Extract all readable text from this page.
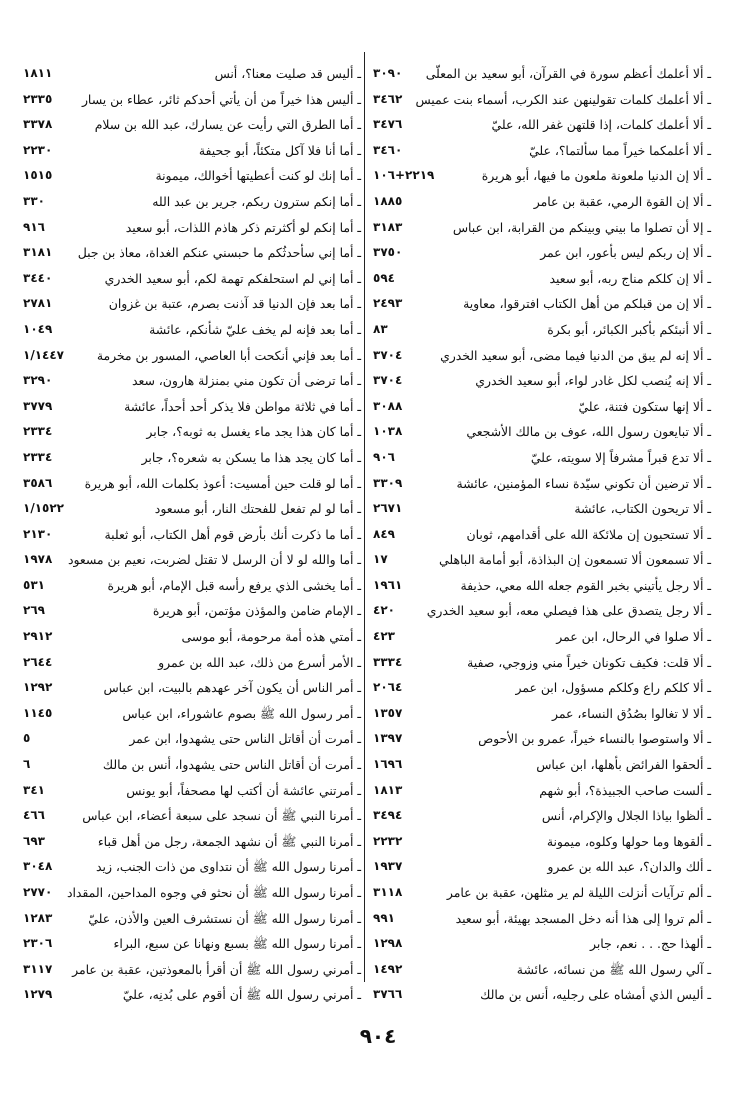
ـ ألا أعلمك أعظم سورة في القرآن، أبو سعيد بن المعلّى
٣٠٩٠
ـ ألا أعلمك كلمات تقولينهن عند الكرب، أسماء بنت عميس
٣٤٦٢
ـ ألا أعلمك كلمات، إذا قلتهن غفر الله، عليّ
٣٤٧٦
ـ ألا أعلمكما خيراً مما سألتما؟، عليّ
٣٤٦٠
ـ ألا إن الدنيا ملعونة ملعون ما فيها، أبو هريرة
٢٢١٩+١٠٦
ـ ألا إن القوة الرمي، عقبة بن عامر
١٨٨٥
ـ إلا أن تصلوا ما بيني وبينكم من القرابة، ابن عباس
٣١٨٣
ـ ألا إن ربكم ليس بأعور، ابن عمر
٣٧٥٠
ـ ألا إن كلكم مناج ربه، أبو سعيد
٥٩٤
ـ ألا إن من قبلكم من أهل الكتاب افترقوا، معاوية
٢٤٩٣
ـ ألا أنبئكم بأكبر الكبائر، أبو بكرة
٨٣
ـ ألا إنه لم يبق من الدنيا فيما مضى، أبو سعيد الخدري
٣٧٠٤
ـ ألا إنه يُنصب لكل غادر لواء، أبو سعيد الخدري
٣٧٠٤
ـ ألا إنها ستكون فتنة، عليّ
٣٠٨٨
ـ ألا تبايعون رسول الله، عوف بن مالك الأشجعي
١٠٣٨
ـ ألا تدع قبراً مشرفاً إلا سويته، عليّ
٩٠٦
ـ ألا ترضين أن تكوني سيّدة نساء المؤمنين، عائشة
٣٣٠٩
ـ ألا تريحون الكتاب، عائشة
٢٦٧١
ـ ألا تستحيون إن ملائكة الله على أقدامهم، ثوبان
٨٤٩
ـ ألا تسمعون ألا تسمعون إن البذاذة، أبو أمامة الباهلي
١٧
ـ ألا رجل يأتيني بخبر القوم جعله الله معي، حذيفة
١٩٦١
ـ ألا رجل يتصدق على هذا فيصلي معه، أبو سعيد الخدري
٤٢٠
ـ ألا صلوا في الرحال، ابن عمر
٤٢٣
ـ ألا قلت: فكيف تكونان خيراً مني وزوجي، صفية
٣٣٣٤
ـ ألا كلكم راع وكلكم مسؤول، ابن عمر
٢٠٦٤
ـ ألا لا تغالوا بصُدُق النساء، عمر
١٣٥٧
ـ ألا واستوصوا بالنساء خيراً، عمرو بن الأحوص
١٣٩٧
ـ ألحقوا الفرائض بأهلها، ابن عباس
١٦٩٦
ـ ألست صاحب الجبيذة؟، أبو شهم
١٨١٣
ـ ألظوا بياذا الجلال والإكرام، أنس
٣٤٩٤
ـ ألقوها وما حولها وكلوه، ميمونة
٢٢٣٢
ـ ألك والدان؟، عبد الله بن عمرو
١٩٣٧
ـ ألم ترآيات أنزلت الليلة لم ير مثلهن، عقبة بن عامر
٣١١٨
ـ ألم تروا إلى هذا أنه دخل المسجد بهيئة، أبو سعيد
٩٩١
ـ ألهذا حج. . . نعم، جابر
١٢٩٨
ـ آلي رسول الله ﷺ من نسائه، عائشة
١٤٩٢
ـ أليس الذي أمشاه على رجليه، أنس بن مالك
٣٧٦٦
ـ أليس قد صليت معنا؟، أنس
١٨١١
ـ أليس هذا خيراً من أن يأتي أحدكم ثائر، عطاء بن يسار
٢٣٣٥
ـ أما الطرق التي رأيت عن يسارك، عبد الله بن سلام
٣٣٧٨
ـ أما أنا فلا آكل متكئاً، أبو جحيفة
٢٢٣٠
ـ أما إنك لو كنت أعطيتها أخوالك، ميمونة
١٥١٥
ـ أما إنكم سترون ربكم، جرير بن عبد الله
٣٣٠
ـ أما إنكم لو أكثرتم ذكر هاذم اللذات، أبو سعيد
٩١٦
ـ أما إني سأحدثُكم ما حبسني عنكم الغداة، معاذ بن جبل
٣١٨١
ـ أما إني لم استحلفكم تهمة لكم، أبو سعيد الخدري
٣٤٤٠
ـ أما بعد فإن الدنيا قد آذنت بصرم، عتبة بن غزوان
٢٧٨١
ـ أما بعد فإنه لم يخف عليّ شأنكم، عائشة
١٠٤٩
ـ أما بعد فإني أنكحت أبا العاصي، المسور بن مخرمة
١/١٤٤٧
ـ أما ترضى أن تكون مني بمنزلة هارون، سعد
٣٢٩٠
ـ أما في ثلاثة مواطن فلا يذكر أحد أحداً، عائشة
٣٧٧٩
ـ أما كان هذا يجد ماء يغسل به ثوبه؟، جابر
٢٣٣٤
ـ أما كان يجد هذا ما يسكن به شعره؟، جابر
٢٣٣٤
ـ أما لو قلت حين أمسيت: أعوذ بكلمات الله، أبو هريرة
٣٥٨٦
ـ أما لو لم تفعل للفحتك النار، أبو مسعود
١/١٥٢٢
ـ أما ما ذكرت أنك بأرض قوم أهل الكتاب، أبو ثعلبة
٢١٣٠
ـ أما والله لو لا أن الرسل لا تقتل لضربت، نعيم بن مسعود
١٩٧٨
ـ أما يخشى الذي يرفع رأسه قبل الإمام، أبو هريرة
٥٣١
ـ الإمام ضامن والمؤذن مؤتمن، أبو هريرة
٢٦٩
ـ أمتي هذه أمة مرحومة، أبو موسى
٢٩١٢
ـ الأمر أسرع من ذلك، عبد الله بن عمرو
٢٦٤٤
ـ أمر الناس أن يكون آخر عهدهم بالبيت، ابن عباس
١٢٩٢
ـ أمر رسول الله ﷺ بصوم عاشوراء، ابن عباس
١١٤٥
ـ أمرت أن أقاتل الناس حتى يشهدوا، ابن عمر
٥
ـ أمرت أن أقاتل الناس حتى يشهدوا، أنس بن مالك
٦
ـ أمرتني عائشة أن أكتب لها مصحفاً، أبو يونس
٣٤١
ـ أمرنا النبي ﷺ أن نسجد على سبعة أعضاء، ابن عباس
٤٦٦
ـ أمرنا النبي ﷺ أن نشهد الجمعة، رجل من أهل قباء
٦٩٣
ـ أمرنا رسول الله ﷺ أن نتداوى من ذات الجنب، زيد
٣٠٤٨
ـ أمرنا رسول الله ﷺ أن نحثو في وجوه المداحين، المقداد
٢٧٧٠
ـ أمرنا رسول الله ﷺ أن نستشرف العين والأذن، عليّ
١٢٨٣
ـ أمرنا رسول الله ﷺ بسبع ونهانا عن سبع، البراء
٢٣٠٦
ـ أمرني رسول الله ﷺ أن أقرأ بالمعوذتين، عقبة بن عامر
٣١١٧
ـ أمرني رسول الله ﷺ أن أقوم على بُدنِه، عليّ
١٢٧٩
٩٠٤
